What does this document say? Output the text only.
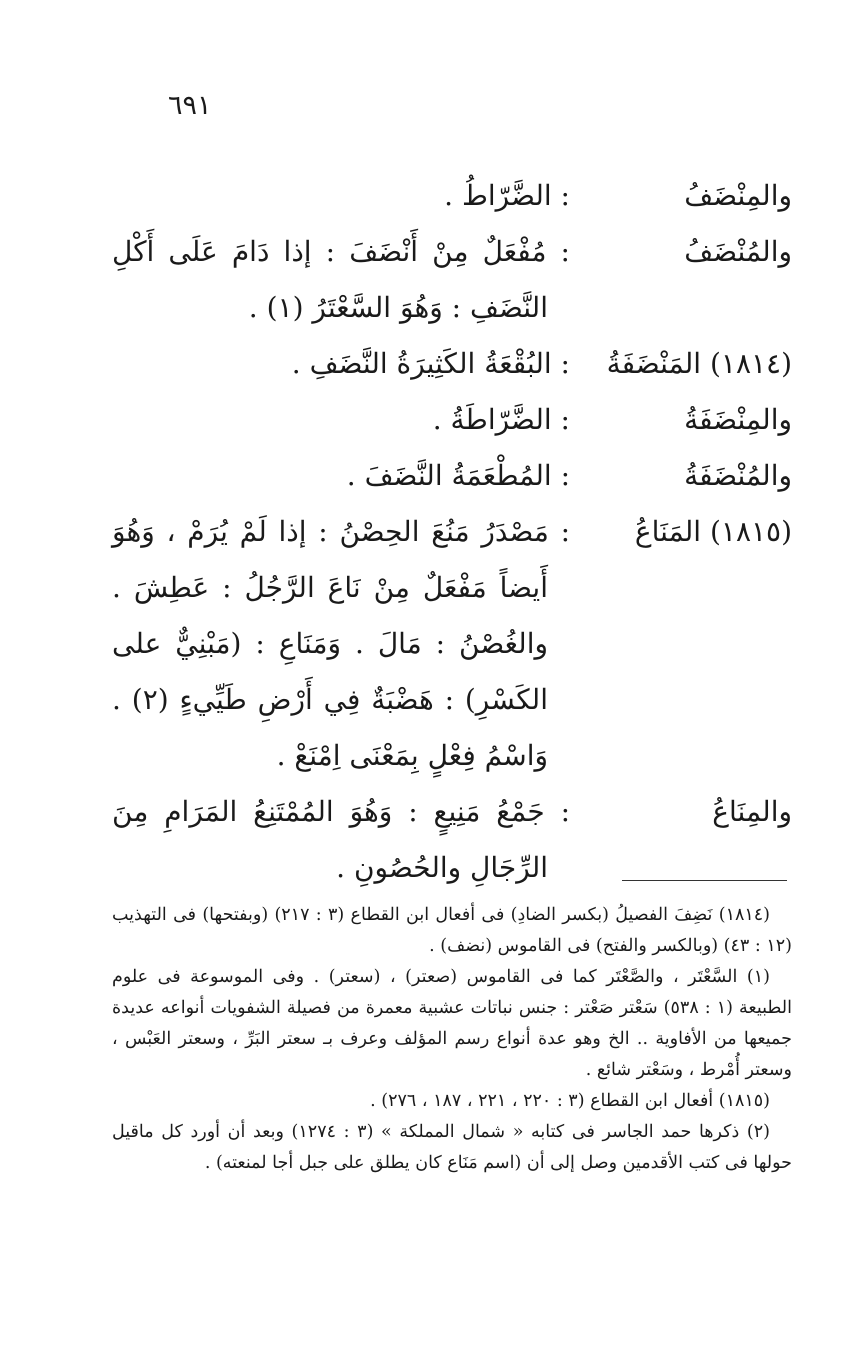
٦٩١
والمِنْضَفُ
: الضَّرّاطُ .
والمُنْضَفُ
: مُفْعَلٌ مِنْ أَنْضَفَ : إذا دَامَ عَلَى أَكْلِ النَّضَفِ : وَهُوَ السَّعْتَرُ (١) .
(١٨١٤) المَنْضَفَةُ
: البُقْعَةُ الكَثِيرَةُ النَّضَفِ .
والمِنْضَفَةُ
: الضَّرّاطَةُ .
والمُنْضَفَةُ
: المُطْعَمَةُ النَّضَفَ .
(١٨١٥) المَنَاعُ
: مَصْدَرُ مَنُعَ الحِصْنُ : إذا لَمْ يُرَمْ ، وَهُوَ أَيضاً مَفْعَلٌ مِنْ نَاعَ الرَّجُلُ : عَطِشَ . والغُصْنُ : مَالَ . وَمَنَاعِ : (مَبْنِيٌّ على الكَسْرِ) : هَضْبَةٌ فِي أَرْضِ طَيِّيءٍ (٢) . وَاسْمُ فِعْلٍ بِمَعْنَى اِمْنَعْ .
والمِنَاعُ
: جَمْعُ مَنِيعٍ : وَهُوَ المُمْتَنِعُ المَرَامِ مِنَ الرِّجَالِ والحُصُونِ .

(١٨١٤) نَضِفَ الفصيلُ (بكسر الضادِ) فى أفعال ابن القطاع (٣ : ٢١٧) (وبفتحها) فى التهذيب (١٢ : ٤٣) (وبالكسر والفتح) فى القاموس (نضف) .

(١) السَّعْتَر ، والصَّعْتَر كما فى القاموس (صعتر) ، (سعتر) . وفى الموسوعة فى علوم الطبيعة (١ : ٥٣٨) سَعْتر صَعْتر : جنس نباتات عشبية معمرة من فصيلة الشفويات أنواعه عديدة جميعها من الأفاوية .. الخ وهو عدة أنواع رسم المؤلف وعرف بـ سعتر البَرِّ ، وسعتر العَبْس ، وسعتر أُمْرط ، وسَعْتر شائع .

(١٨١٥) أفعال ابن القطاع (٣ : ٢٢٠ ، ٢٢١ ، ١٨٧ ، ٢٧٦) .

(٢) ذكرها حمد الجاسر فى كتابه « شمال المملكة » (٣ : ١٢٧٤) وبعد أن أورد كل ماقيل حولها فى كتب الأقدمين وصل إلى أن (اسم مَنَاع كان يطلق على جبل أجا لمنعته) .
